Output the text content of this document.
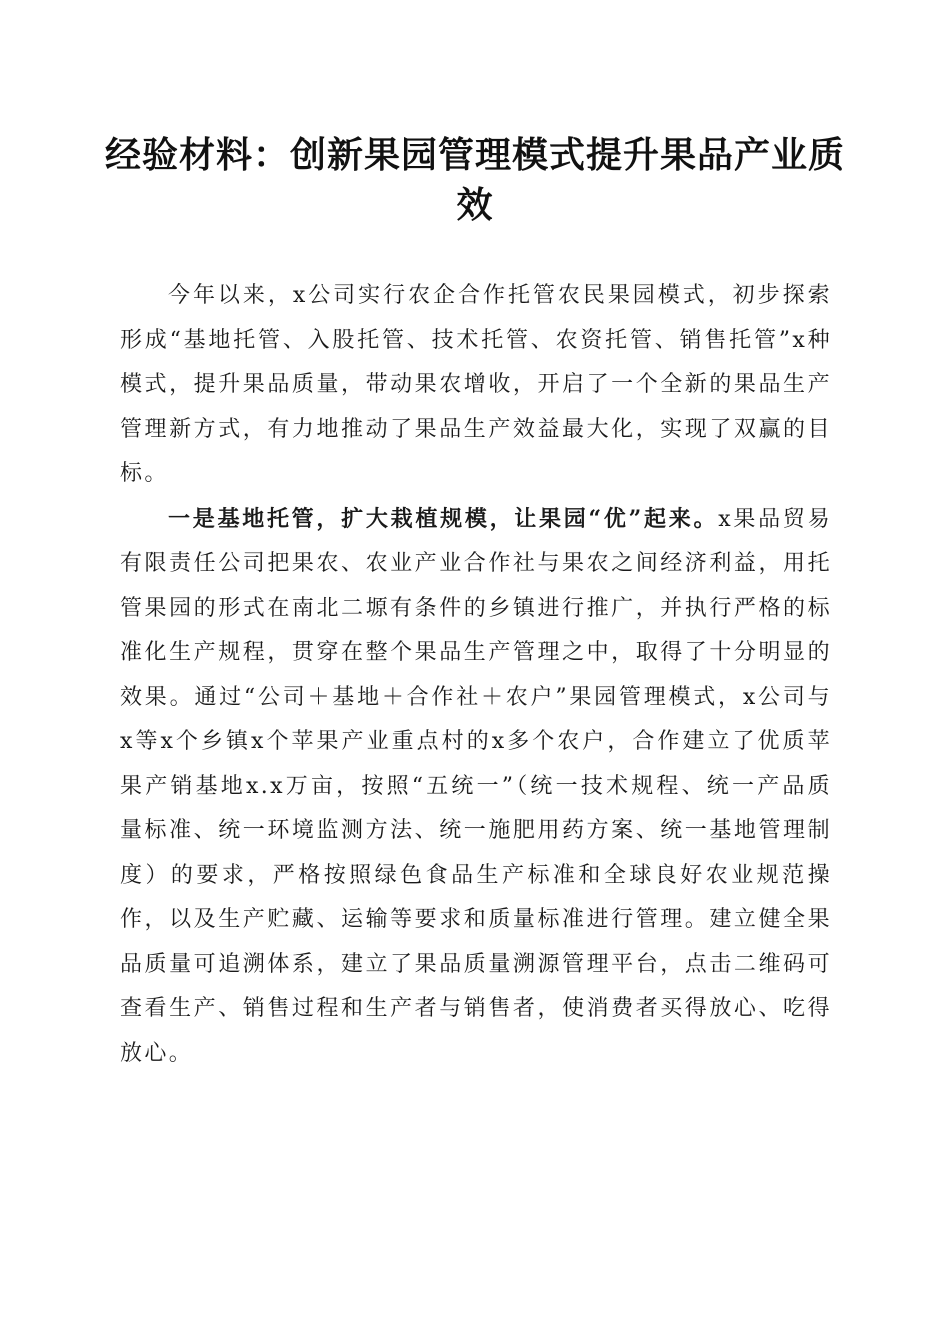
经验材料：创新果园管理模式提升果品产业质效

今年以来，x公司实行农企合作托管农民果园模式，初步探索形成“基地托管、入股托管、技术托管、农资托管、销售托管”x种模式，提升果品质量，带动果农增收，开启了一个全新的果品生产管理新方式，有力地推动了果品生产效益最大化，实现了双赢的目标。

一是基地托管，扩大栽植规模，让果园“优”起来。x果品贸易有限责任公司把果农、农业产业合作社与果农之间经济利益，用托管果园的形式在南北二塬有条件的乡镇进行推广，并执行严格的标准化生产规程，贯穿在整个果品生产管理之中，取得了十分明显的效果。通过“公司＋基地＋合作社＋农户”果园管理模式，x公司与x等x个乡镇x个苹果产业重点村的x多个农户，合作建立了优质苹果产销基地x.x万亩，按照“五统一”（统一技术规程、统一产品质量标准、统一环境监测方法、统一施肥用药方案、统一基地管理制度）的要求，严格按照绿色食品生产标准和全球良好农业规范操作，以及生产贮藏、运输等要求和质量标准进行管理。建立健全果品质量可追溯体系，建立了果品质量溯源管理平台，点击二维码可查看生产、销售过程和生产者与销售者，使消费者买得放心、吃得放心。
